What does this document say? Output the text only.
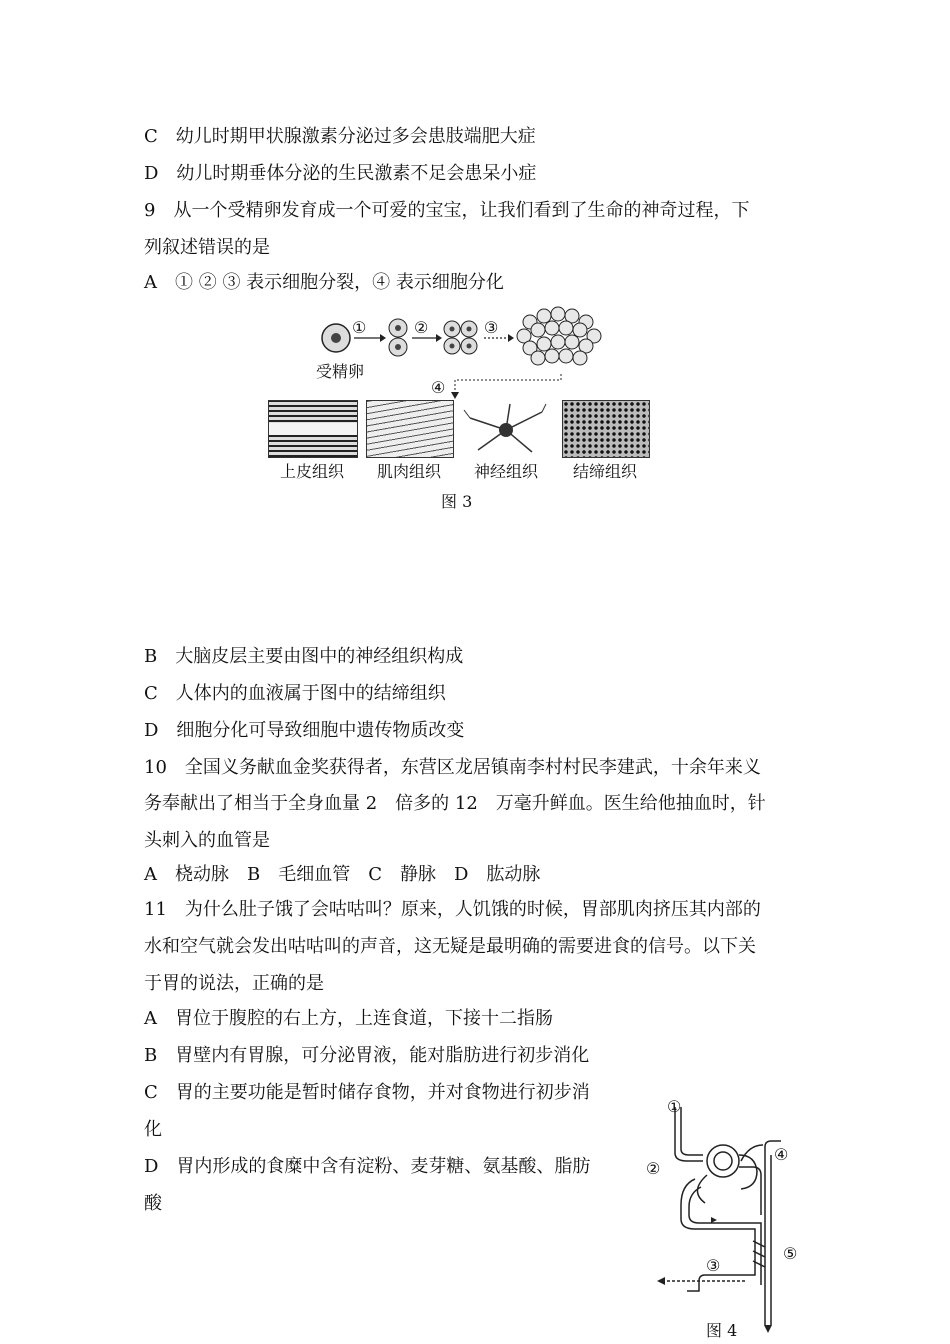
C　幼儿时期甲状腺激素分泌过多会患肢端肥大症
D　幼儿时期垂体分泌的生民激素不足会患呆小症
9　从一个受精卵发育成一个可爱的宝宝，让我们看到了生命的神奇过程，下
列叙述错误的是
A　① ② ③ 表示细胞分裂，④ 表示细胞分化
①	②	③
受精卵
④
上皮组织	肌肉组织	神经组织	结缔组织
图 3
B　大脑皮层主要由图中的神经组织构成
C　人体内的血液属于图中的结缔组织
D　细胞分化可导致细胞中遗传物质改变
10　全国义务献血金奖获得者，东营区龙居镇南李村村民李建武，十余年来义
务奉献出了相当于全身血量 2　倍多的 12　万毫升鲜血。医生给他抽血时，针
头刺入的血管是
A　桡动脉　B　毛细血管　C　静脉　D　肱动脉
11　为什么肚子饿了会咕咕叫？原来，人饥饿的时候，胃部肌肉挤压其内部的
水和空气就会发出咕咕叫的声音，这无疑是最明确的需要进食的信号。以下关
于胃的说法，正确的是
A　胃位于腹腔的右上方，上连食道，下接十二指肠
B　胃壁内有胃腺，可分泌胃液，能对脂肪进行初步消化
C　胃的主要功能是暂时储存食物，并对食物进行初步消
化
D　胃内形成的食糜中含有淀粉、麦芽糖、氨基酸、脂肪
酸
①
②
④
⑤
③
图 4
